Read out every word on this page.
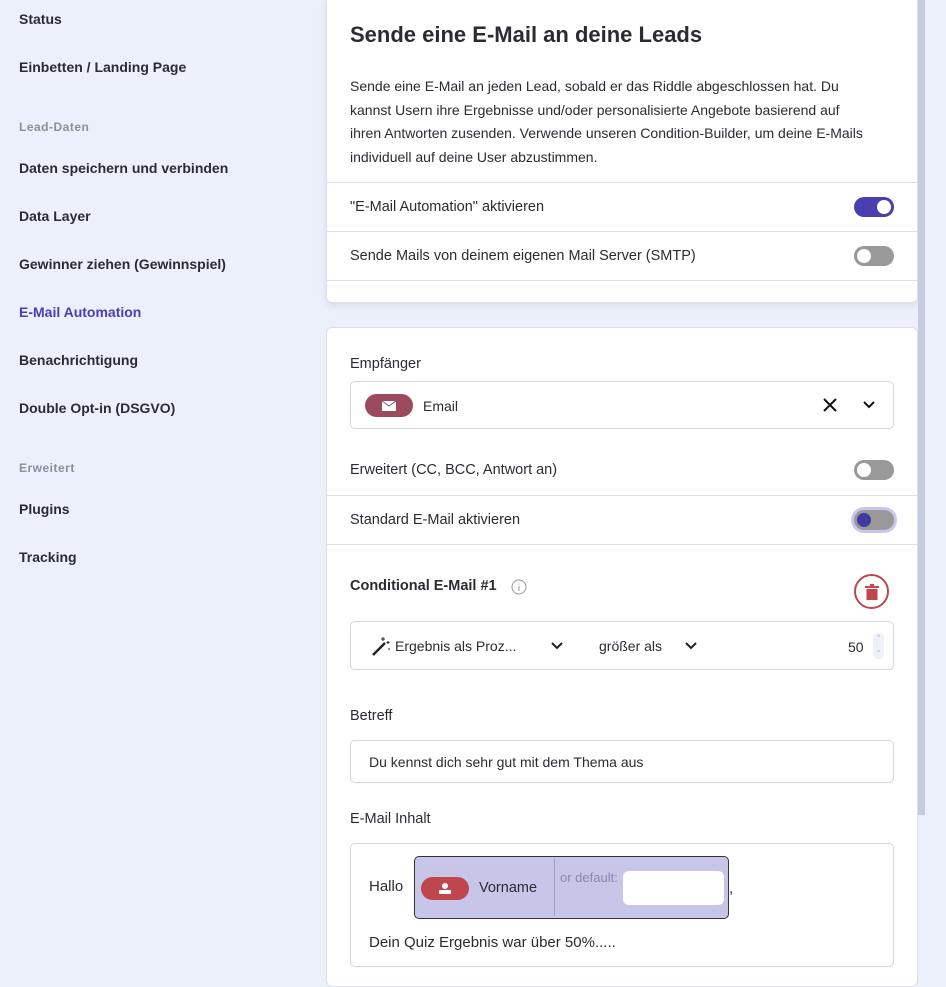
Status
Einbetten / Landing Page
Lead-Daten
Daten speichern und verbinden
Data Layer
Gewinner ziehen (Gewinnspiel)
E-Mail Automation
Benachrichtigung
Double Opt-in (DSGVO)
Erweitert
Plugins
Tracking
Sende eine E-Mail an deine Leads
Sende eine E-Mail an jeden Lead, sobald er das Riddle abgeschlossen hat. Du kannst Usern ihre Ergebnisse und/oder personalisierte Angebote basierend auf ihren Antworten zusenden. Verwende unseren Condition-Builder, um deine E-Mails individuell auf deine User abzustimmen.
"E-Mail Automation" aktivieren
Sende Mails von deinem eigenen Mail Server (SMTP)
Empfänger
Email
Erweitert (CC, BCC, Antwort an)
Standard E-Mail aktivieren
Conditional E-Mail #1
Ergebnis als Proz...	größer als	50
⌃
⌄
Betreff
Du kennst dich sehr gut mit dem Thema aus
E-Mail Inhalt
Hallo	Vorname
or default:
,
Dein Quiz Ergebnis war über 50%.....
